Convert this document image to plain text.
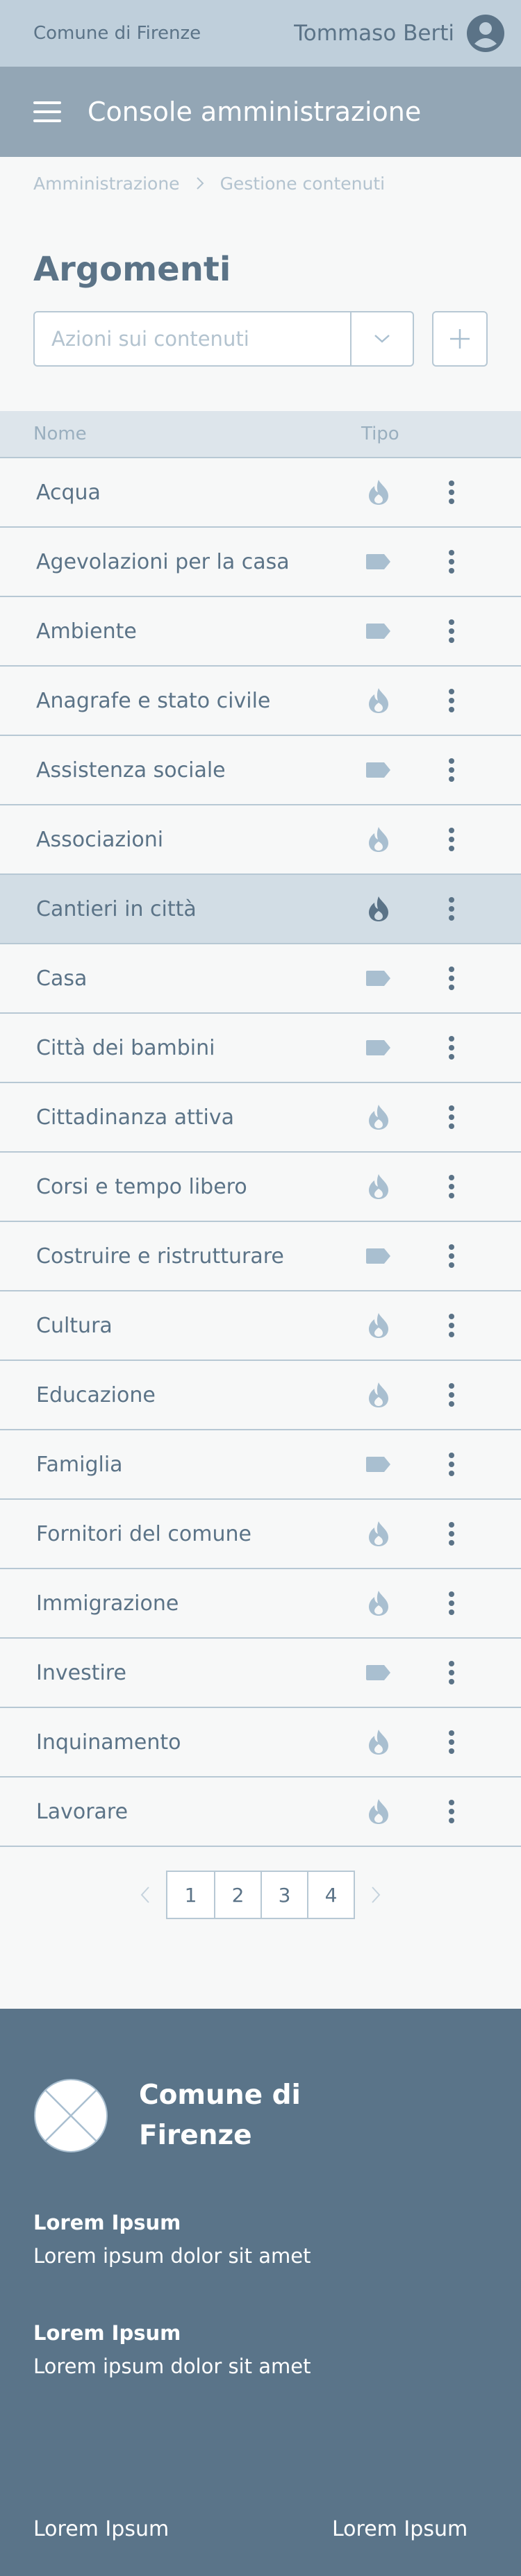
Comune di Firenze	Tommaso Berti
Console amministrazione
Amministrazione Gestione contenuti
Argomenti
Azioni sui contenuti
Nome	Tipo
Acqua
Agevolazioni per la casa
Ambiente
Anagrafe e stato civile
Assistenza sociale
Associazioni
Cantieri in città
Casa
Città dei bambini
Cittadinanza attiva
Corsi e tempo libero
Costruire e ristrutturare
Cultura
Educazione
Famiglia
Fornitori del comune
Immigrazione
Investire
Inquinamento
Lavorare
1	2	3	4
Comune di Firenze
Lorem Ipsum
Lorem ipsum dolor sit amet
Lorem Ipsum
Lorem ipsum dolor sit amet
Lorem Ipsum	Lorem Ipsum
